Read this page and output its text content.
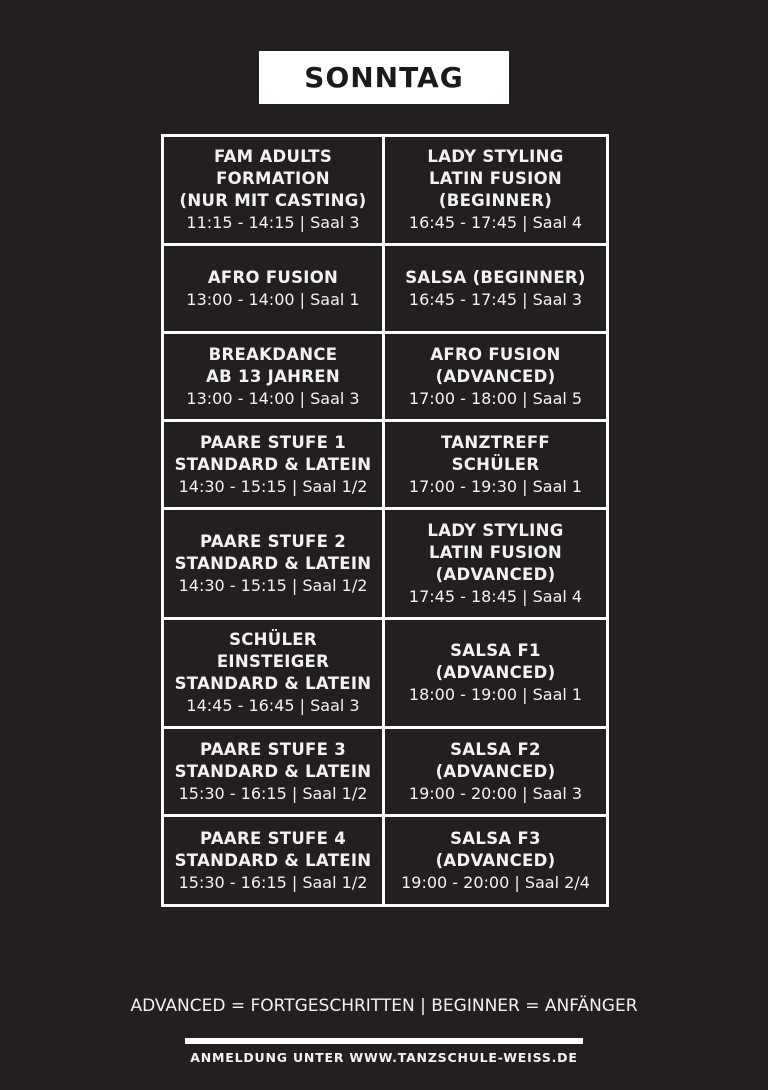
SONNTAG
FAM ADULTS
FORMATION
(NUR MIT CASTING)
11:15 - 14:15 | Saal 3
LADY STYLING
LATIN FUSION
(BEGINNER)
16:45 - 17:45 | Saal 4
AFRO FUSION
13:00 - 14:00 | Saal 1
SALSA (BEGINNER)
16:45 - 17:45 | Saal 3
BREAKDANCE
AB 13 JAHREN
13:00 - 14:00 | Saal 3
AFRO FUSION
(ADVANCED)
17:00 - 18:00 | Saal 5
PAARE STUFE 1
STANDARD & LATEIN
14:30 - 15:15 | Saal 1/2
TANZTREFF
SCHÜLER
17:00 - 19:30 | Saal 1
PAARE STUFE 2
STANDARD & LATEIN
14:30 - 15:15 | Saal 1/2
LADY STYLING
LATIN FUSION
(ADVANCED)
17:45 - 18:45 | Saal 4
SCHÜLER
EINSTEIGER
STANDARD & LATEIN
14:45 - 16:45 | Saal 3
SALSA F1
(ADVANCED)
18:00 - 19:00 | Saal 1
PAARE STUFE 3
STANDARD & LATEIN
15:30 - 16:15 | Saal 1/2
SALSA F2
(ADVANCED)
19:00 - 20:00 | Saal 3
PAARE STUFE 4
STANDARD & LATEIN
15:30 - 16:15 | Saal 1/2
SALSA F3
(ADVANCED)
19:00 - 20:00 | Saal 2/4
ADVANCED = FORTGESCHRITTEN | BEGINNER = ANFÄNGER
ANMELDUNG UNTER WWW.TANZSCHULE-WEISS.DE
